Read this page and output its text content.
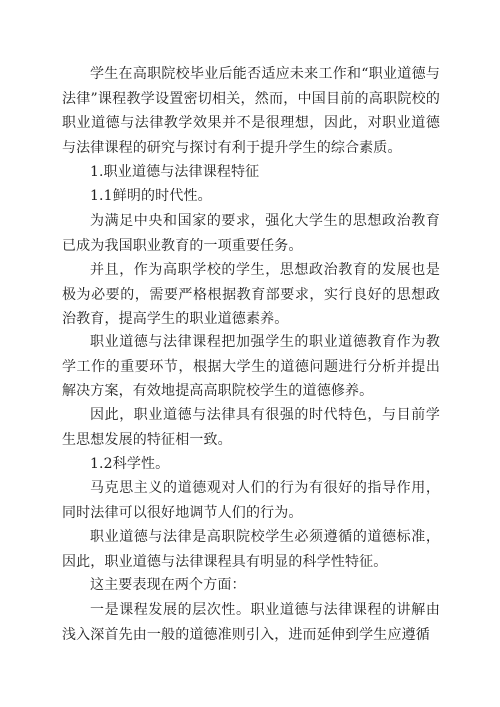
学生在高职院校毕业后能否适应未来工作和“职业道德与法律”课程教学设置密切相关，然而，中国目前的高职院校的职业道德与法律教学效果并不是很理想，因此，对职业道德与法律课程的研究与探讨有利于提升学生的综合素质。
1.职业道德与法律课程特征
1.1鲜明的时代性。
为满足中央和国家的要求，强化大学生的思想政治教育已成为我国职业教育的一项重要任务。
并且，作为高职学校的学生，思想政治教育的发展也是极为必要的，需要严格根据教育部要求，实行良好的思想政治教育，提高学生的职业道德素养。
职业道德与法律课程把加强学生的职业道德教育作为教学工作的重要环节，根据大学生的道德问题进行分析并提出解决方案，有效地提高高职院校学生的道德修养。
因此，职业道德与法律具有很强的时代特色，与目前学生思想发展的特征相一致。
1.2科学性。
马克思主义的道德观对人们的行为有很好的指导作用，同时法律可以很好地调节人们的行为。
职业道德与法律是高职院校学生必须遵循的道德标准，因此，职业道德与法律课程具有明显的科学性特征。
这主要表现在两个方面：
一是课程发展的层次性。职业道德与法律课程的讲解由浅入深首先由一般的道德准则引入，进而延伸到学生应遵循
